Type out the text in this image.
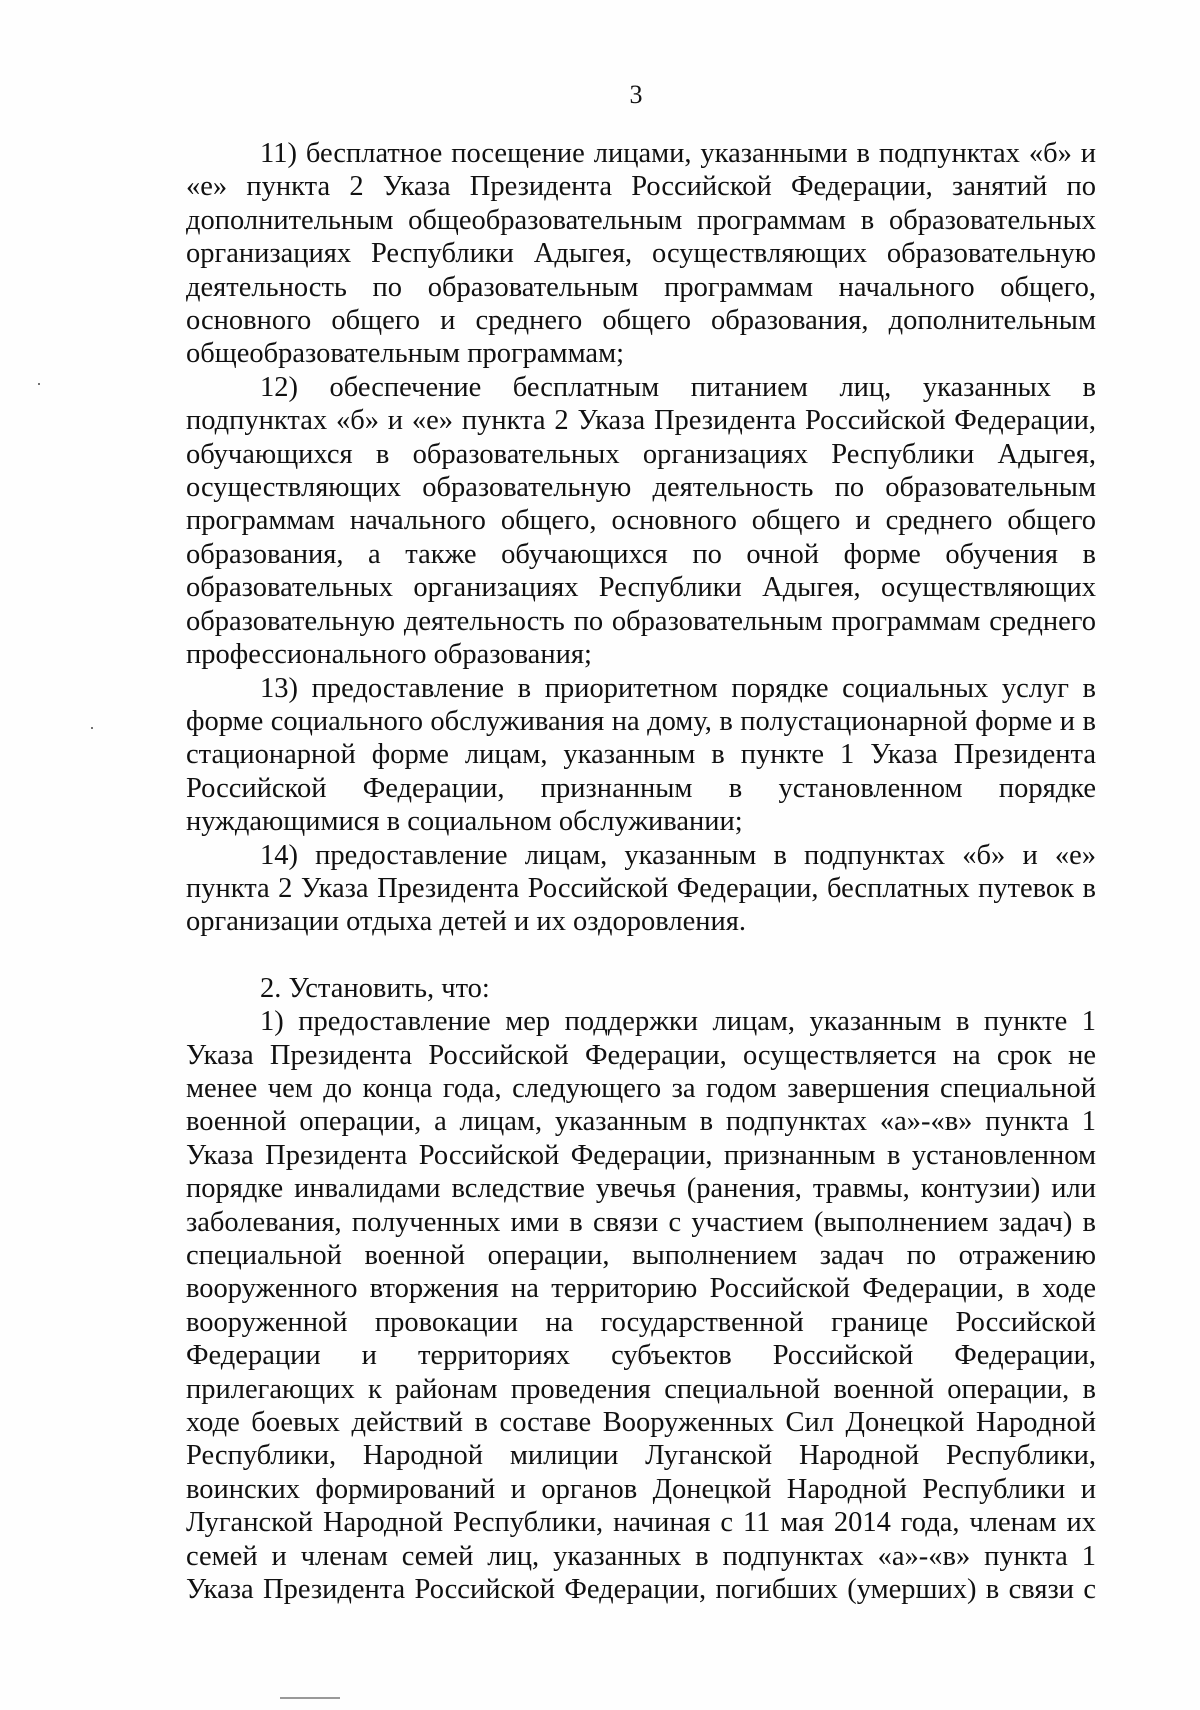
3

11) бесплатное посещение лицами, указанными в подпунктах «б» и «е» пункта 2 Указа Президента Российской Федерации, занятий по дополнительным общеобразовательным программам в образовательных организациях Республики Адыгея, осуществляющих образовательную деятельность по образовательным программам начального общего, основного общего и среднего общего образования, дополнительным общеобразовательным программам;

12) обеспечение бесплатным питанием лиц, указанных в подпунктах «б» и «е» пункта 2 Указа Президента Российской Федерации, обучающихся в образовательных организациях Республики Адыгея, осуществляющих образовательную деятельность по образовательным программам начального общего, основного общего и среднего общего образования, а также обучающихся по очной форме обучения в образовательных организациях Республики Адыгея, осуществляющих образовательную деятельность по образовательным программам среднего профессионального образования;

13) предоставление в приоритетном порядке социальных услуг в форме социального обслуживания на дому, в полустационарной форме и в стационарной форме лицам, указанным в пункте 1 Указа Президента Российской Федерации, признанным в установленном порядке нуждающимися в социальном обслуживании;

14) предоставление лицам, указанным в подпунктах «б» и «е» пункта 2 Указа Президента Российской Федерации, бесплатных путевок в организации отдыха детей и их оздоровления.

2. Установить, что:

1) предоставление мер поддержки лицам, указанным в пункте 1 Указа Президента Российской Федерации, осуществляется на срок не менее чем до конца года, следующего за годом завершения специальной военной операции, а лицам, указанным в подпунктах «а»-«в» пункта 1 Указа Президента Российской Федерации, признанным в установленном порядке инвалидами вследствие увечья (ранения, травмы, контузии) или заболевания, полученных ими в связи с участием (выполнением задач) в специальной военной операции, выполнением задач по отражению вооруженного вторжения на территорию Российской Федерации, в ходе вооруженной провокации на государственной границе Российской Федерации и территориях субъектов Российской Федерации, прилегающих к районам проведения специальной военной операции, в ходе боевых действий в составе Вооруженных Сил Донецкой Народной Республики, Народной милиции Луганской Народной Республики, воинских формирований и органов Донецкой Народной Республики и Луганской Народной Республики, начиная с 11 мая 2014 года, членам их семей и членам семей лиц, указанных в подпунктах «а»-«в» пункта 1 Указа Президента Российской Федерации, погибших (умерших) в связи с
